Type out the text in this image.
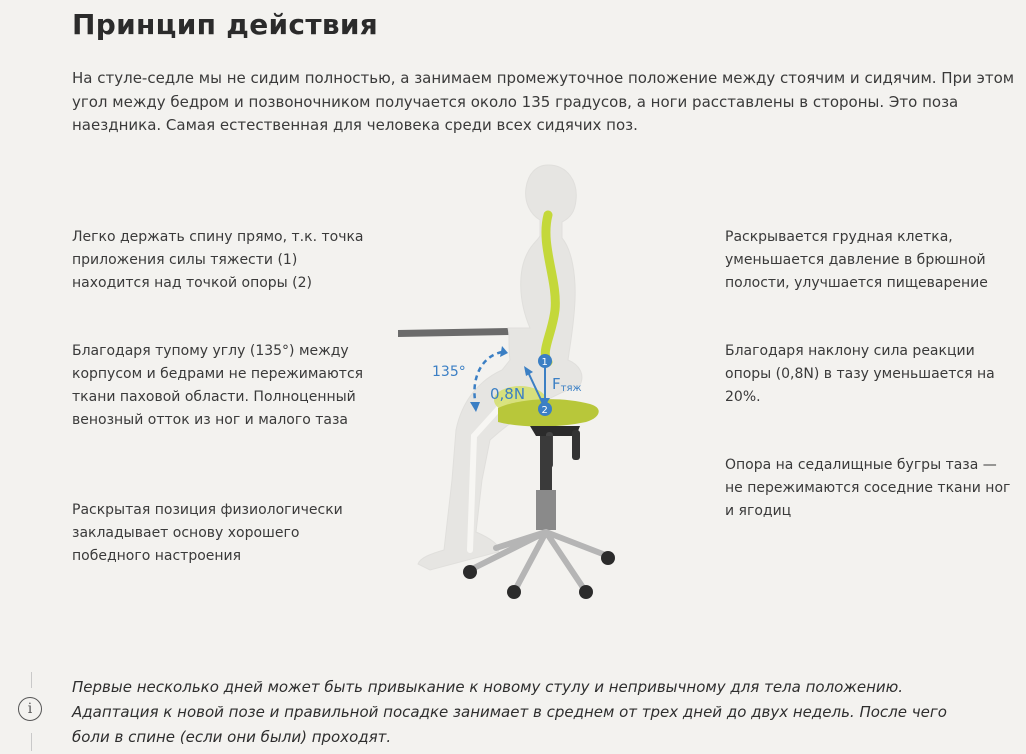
Принцип действия
На стуле-седле мы не сидим полностью, а занимаем промежуточное положение между стоячим и сидячим. При этом угол между бедром и позвоночником получается около 135 градусов, а ноги расставлены в стороны. Это поза наездника. Самая естественная для человека среди всех сидячих поз.
Легко держать спину прямо, т.к. точка приложения силы тяжести (1) находится над точкой опоры (2)
Благодаря тупому углу (135°) между корпусом и бедрами не пережимаются ткани паховой области. Полноценный венозный отток из ног и малого таза
Раскрытая позиция физиологически закладывает основу хорошего победного настроения
Раскрывается грудная клетка, уменьшается давление в брюшной полости, улучшается пищеварение
Благодаря наклону сила реакции опоры (0,8N) в тазу уменьшается на 20%.
Опора на седалищные бугры таза — не пережимаются соседние ткани ног и ягодиц
135°
1
2
0,8N
Fтяж
i
Первые несколько дней может быть привыкание к новому стулу и непривычному для тела положению. Адаптация к новой позе и правильной посадке занимает в среднем от трех дней до двух недель. После чего боли в спине (если они были) проходят.
